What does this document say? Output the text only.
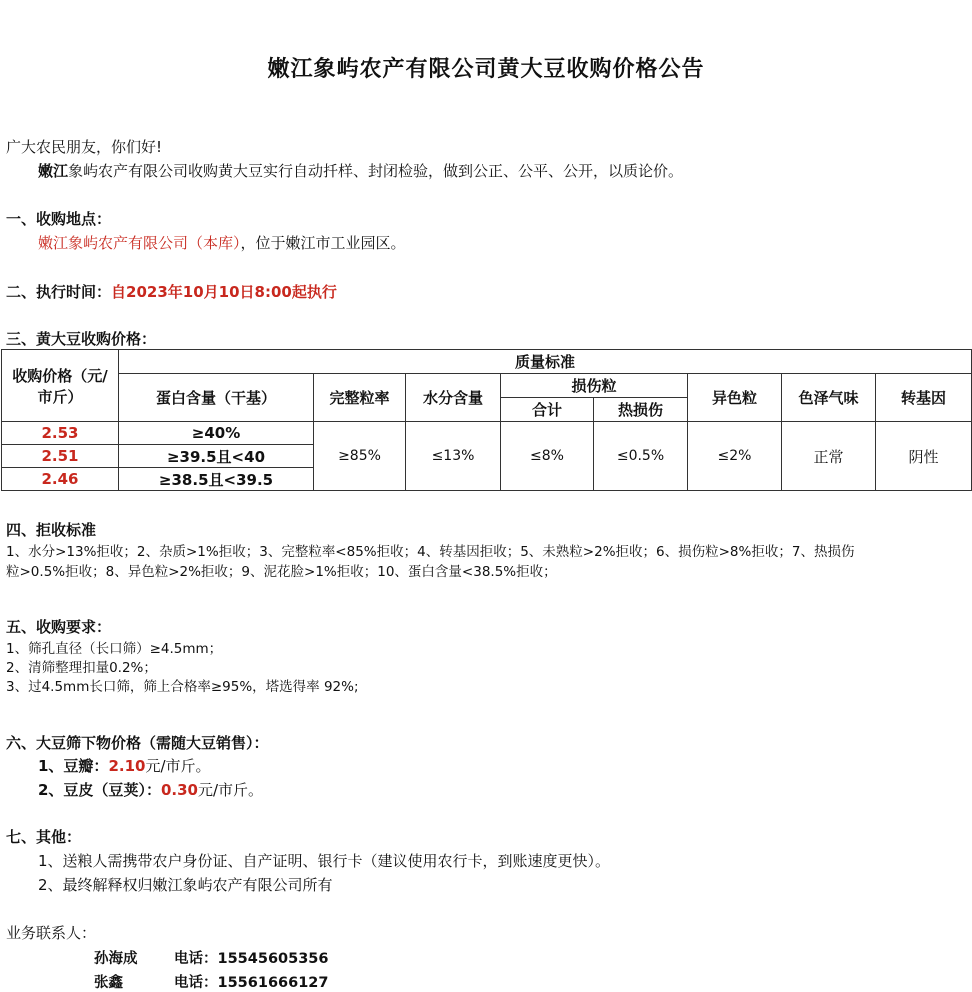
嫩江象屿农产有限公司黄大豆收购价格公告
广大农民朋友，你们好!
嫩江象屿农产有限公司收购黄大豆实行自动扦样、封闭检验，做到公正、公平、公开，以质论价。
一、收购地点：
嫩江象屿农产有限公司（本库），位于嫩江市工业园区。
二、执行时间：自2023年10月10日8:00起执行
三、黄大豆收购价格：
收购价格（元/市斤）	质量标准							
	蛋白含量（干基）	完整粒率	水分含量	损伤粒		异色粒	色泽气味	转基因
				合计	热损伤			
2.53	≥40%	≥85%	≤13%	≤8%	≤0.5%	≤2%	正常	阴性
2.51	≥39.5且<40							
2.46	≥38.5且<39.5							
四、拒收标准
1、水分>13%拒收；2、杂质>1%拒收；3、完整粒率<85%拒收；4、转基因拒收；5、未熟粒>2%拒收；6、损伤粒>8%拒收；7、热损伤
粒>0.5%拒收；8、异色粒>2%拒收；9、泥花脸>1%拒收；10、蛋白含量<38.5%拒收；
五、收购要求：
1、筛孔直径（长口筛）≥4.5mm；
2、清筛整理扣量0.2%；
3、过4.5mm长口筛，筛上合格率≥95%，塔选得率 92%;
六、大豆筛下物价格（需随大豆销售）：
1、豆瓣：2.10元/市斤。
2、豆皮（豆荚）：0.30元/市斤。
七、其他：
1、送粮人需携带农户身份证、自产证明、银行卡（建议使用农行卡，到账速度更快）。
2、最终解释权归嫩江象屿农产有限公司所有
业务联系人：
孙海成	电话：15545605356
张鑫	电话：15561666127
